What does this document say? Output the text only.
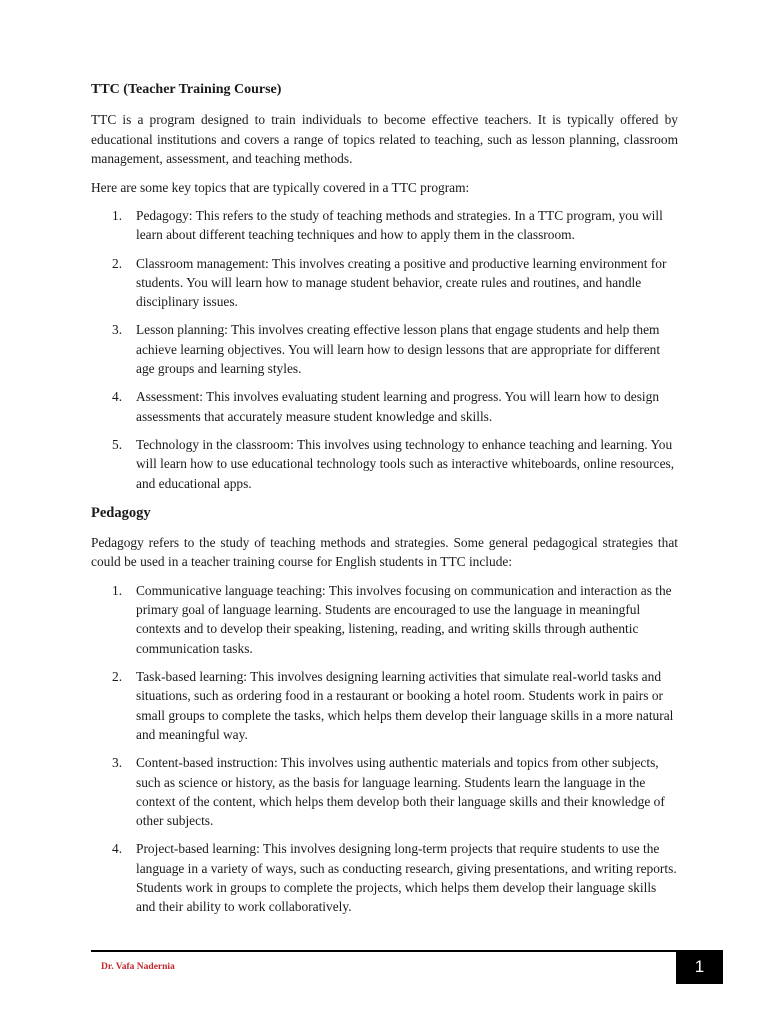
TTC (Teacher Training Course)

TTC is a program designed to train individuals to become effective teachers. It is typically offered by educational institutions and covers a range of topics related to teaching, such as lesson planning, classroom management, assessment, and teaching methods.

Here are some key topics that are typically covered in a TTC program:

1. Pedagogy: This refers to the study of teaching methods and strategies. In a TTC program, you will learn about different teaching techniques and how to apply them in the classroom.
2. Classroom management: This involves creating a positive and productive learning environment for students. You will learn how to manage student behavior, create rules and routines, and handle disciplinary issues.
3. Lesson planning: This involves creating effective lesson plans that engage students and help them achieve learning objectives. You will learn how to design lessons that are appropriate for different age groups and learning styles.
4. Assessment: This involves evaluating student learning and progress. You will learn how to design assessments that accurately measure student knowledge and skills.
5. Technology in the classroom: This involves using technology to enhance teaching and learning. You will learn how to use educational technology tools such as interactive whiteboards, online resources, and educational apps.
Pedagogy

Pedagogy refers to the study of teaching methods and strategies. Some general pedagogical strategies that could be used in a teacher training course for English students in TTC include:

1. Communicative language teaching: This involves focusing on communication and interaction as the primary goal of language learning. Students are encouraged to use the language in meaningful contexts and to develop their speaking, listening, reading, and writing skills through authentic communication tasks.
2. Task-based learning: This involves designing learning activities that simulate real-world tasks and situations, such as ordering food in a restaurant or booking a hotel room. Students work in pairs or small groups to complete the tasks, which helps them develop their language skills in a more natural and meaningful way.
3. Content-based instruction: This involves using authentic materials and topics from other subjects, such as science or history, as the basis for language learning. Students learn the language in the context of the content, which helps them develop both their language skills and their knowledge of other subjects.
4. Project-based learning: This involves designing long-term projects that require students to use the language in a variety of ways, such as conducting research, giving presentations, and writing reports. Students work in groups to complete the projects, which helps them develop their language skills and their ability to work collaboratively.
Dr. Vafa Nadernia	1
